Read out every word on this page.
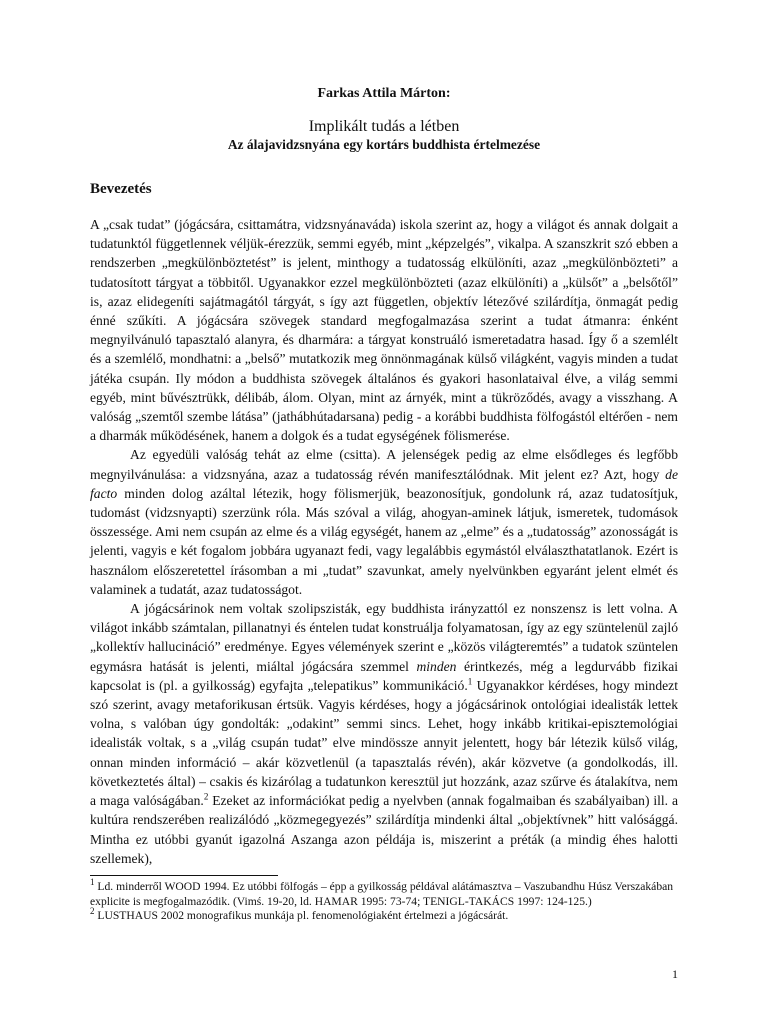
Farkas Attila Márton:
Implikált tudás a létben
Az álajavidzsnyána egy kortárs buddhista értelmezése
Bevezetés

A „csak tudat” (jógácsára, csittamátra, vidzsnyánaváda) iskola szerint az, hogy a világot és annak dolgait a tudatunktól függetlennek véljük-érezzük, semmi egyéb, mint „képzelgés”, vikalpa. A szanszkrit szó ebben a rendszerben „megkülönböztetést” is jelent, minthogy a tudatosság elkülöníti, azaz „megkülönbözteti” a tudatosított tárgyat a többitől. Ugyanakkor ezzel megkülönbözteti (azaz elkülöníti) a „külsőt” a „belsőtől” is, azaz elidegeníti sajátmagától tárgyát, s így azt független, objektív létezővé szilárdítja, önmagát pedig énné szűkíti. A jógácsára szövegek standard megfogalmazása szerint a tudat átmanra: énként megnyilvánuló tapasztaló alanyra, és dharmára: a tárgyat konstruáló ismeretadatra hasad. Így ő a szemlélt és a szemlélő, mondhatni: a „belső” mutatkozik meg önnönmagának külső világként, vagyis minden a tudat játéka csupán. Ily módon a buddhista szövegek általános és gyakori hasonlataival élve, a világ semmi egyéb, mint bűvésztrükk, délibáb, álom. Olyan, mint az árnyék, mint a tükröződés, avagy a visszhang. A valóság „szemtől szembe látása” (jathábhútadarsana) pedig - a korábbi buddhista fölfogástól eltérően - nem a dharmák működésének, hanem a dolgok és a tudat egységének fölismerése.

Az egyedüli valóság tehát az elme (csitta). A jelenségek pedig az elme elsődleges és legfőbb megnyilvánulása: a vidzsnyána, azaz a tudatosság révén manifesztálódnak. Mit jelent ez? Azt, hogy de facto minden dolog azáltal létezik, hogy fölismerjük, beazonosítjuk, gondolunk rá, azaz tudatosítjuk, tudomást (vidzsnyapti) szerzünk róla. Más szóval a világ, ahogyan-aminek látjuk, ismeretek, tudomások összessége. Ami nem csupán az elme és a világ egységét, hanem az „elme” és a „tudatosság” azonosságát is jelenti, vagyis e két fogalom jobbára ugyanazt fedi, vagy legalábbis egymástól elválaszthatatlanok. Ezért is használom előszeretettel írásomban a mi „tudat” szavunkat, amely nyelvünkben egyaránt jelent elmét és valaminek a tudatát, azaz tudatosságot.

A jógácsárinok nem voltak szolipszisták, egy buddhista irányzattól ez nonszensz is lett volna. A világot inkább számtalan, pillanatnyi és éntelen tudat konstruálja folyamatosan, így az egy szüntelenül zajló „kollektív hallucináció” eredménye. Egyes vélemények szerint e „közös világteremtés” a tudatok szüntelen egymásra hatását is jelenti, miáltal jógácsára szemmel minden érintkezés, még a legdurvább fizikai kapcsolat is (pl. a gyilkosság) egyfajta „telepatikus” kommunikáció.$^1$ Ugyanakkor kérdéses, hogy mindezt szó szerint, avagy metaforikusan értsük. Vagyis kérdéses, hogy a jógácsárinok ontológiai idealisták lettek volna, s valóban úgy gondolták: „odakint” semmi sincs. Lehet, hogy inkább kritikai-episztemológiai idealisták voltak, s a „világ csupán tudat” elve mindössze annyit jelentett, hogy bár létezik külső világ, onnan minden információ – akár közvetlenül (a tapasztalás révén), akár közvetve (a gondolkodás, ill. következtetés által) – csakis és kizárólag a tudatunkon keresztül jut hozzánk, azaz szűrve és átalakítva, nem a maga valóságában.$^2$ Ezeket az információkat pedig a nyelvben (annak fogalmaiban és szabályaiban) ill. a kultúra rendszerében realizálódó „közmegegyezés” szilárdítja mindenki által „objektívnek” hitt valósággá. Mintha ez utóbbi gyanút igazolná Aszanga azon példája is, miszerint a préták (a mindig éhes halotti szellemek),

$^1$ Ld. minderről WOOD 1994. Ez utóbbi fölfogás – épp a gyilkosság példával alátámasztva – Vaszubandhu Húsz Verszakában explicite is megfogalmazódik. (Vimś. 19-20, ld. HAMAR 1995: 73-74; TENIGL-TAKÁCS 1997: 124-125.)

$^2$ LUSTHAUS 2002 monografikus munkája pl. fenomenológiaként értelmezi a jógácsárát.

1
